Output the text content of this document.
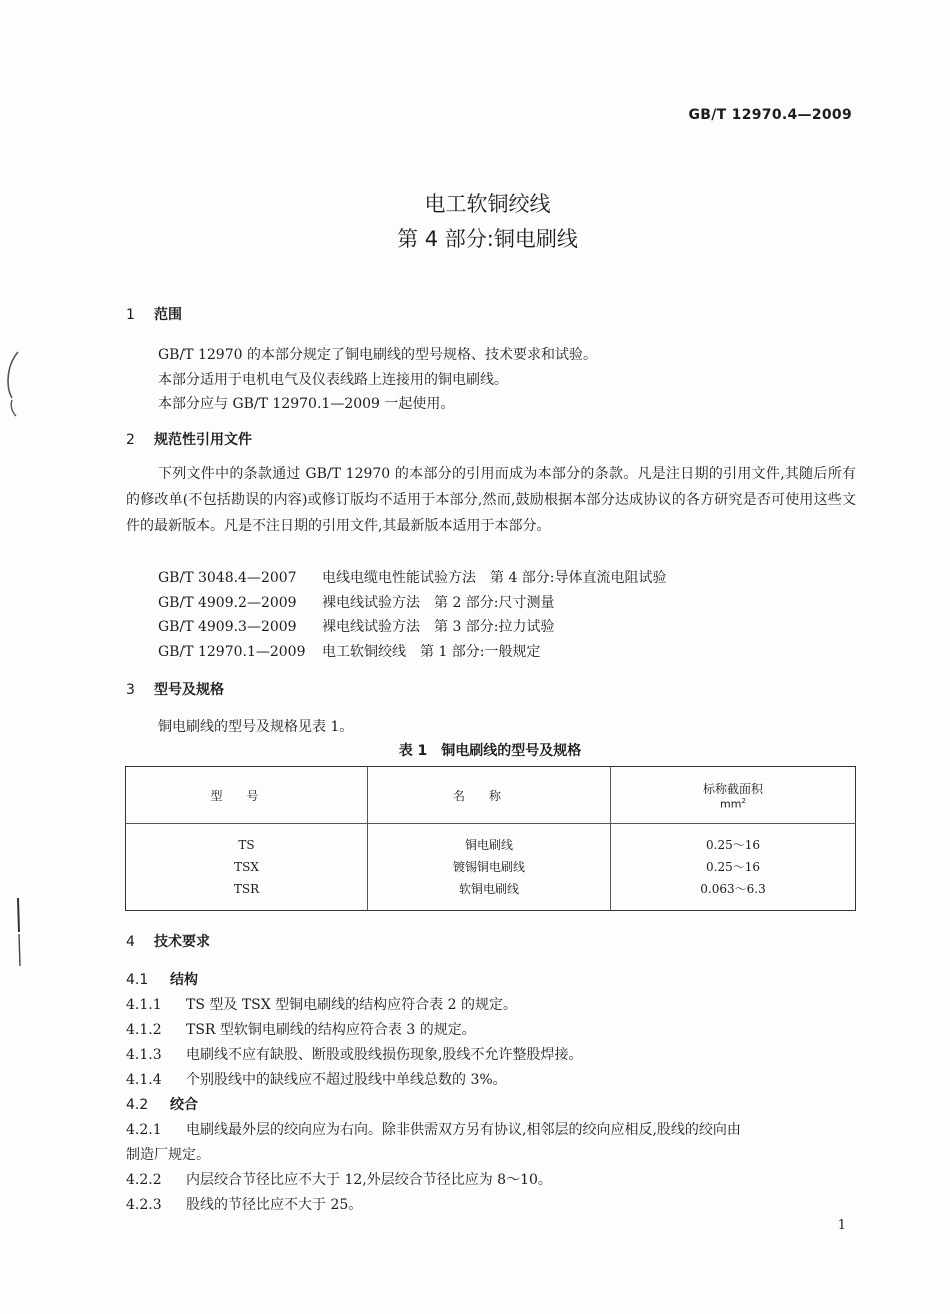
GB/T 12970.4—2009
电工软铜绞线
第 4 部分:铜电刷线
1 范围
GB/T 12970 的本部分规定了铜电刷线的型号规格、技术要求和试验。
本部分适用于电机电气及仪表线路上连接用的铜电刷线。
本部分应与 GB/T 12970.1—2009 一起使用。
2 规范性引用文件
下列文件中的条款通过 GB/T 12970 的本部分的引用而成为本部分的条款。凡是注日期的引用文件,其随后所有的修改单(不包括勘误的内容)或修订版均不适用于本部分,然而,鼓励根据本部分达成协议的各方研究是否可使用这些文件的最新版本。凡是不注日期的引用文件,其最新版本适用于本部分。
GB/T 3048.4—2007 电线电缆电性能试验方法　第 4 部分:导体直流电阻试验
GB/T 4909.2—2009 裸电线试验方法　第 2 部分:尺寸测量
GB/T 4909.3—2009 裸电线试验方法　第 3 部分:拉力试验
GB/T 12970.1—2009 电工软铜绞线　第 1 部分:一般规定
3 型号及规格
铜电刷线的型号及规格见表 1。
表 1　铜电刷线的型号及规格
型号	名称	标称截面积
$mm^2$

TS	铜电刷线	0.25～16
TSX	镀锡铜电刷线	0.25～16
TSR	软铜电刷线	0.063～6.3
4 技术要求
4.1 结构
4.1.1 TS 型及 TSX 型铜电刷线的结构应符合表 2 的规定。
4.1.2 TSR 型软铜电刷线的结构应符合表 3 的规定。
4.1.3 电刷线不应有缺股、断股或股线损伤现象,股线不允许整股焊接。
4.1.4 个别股线中的缺线应不超过股线中单线总数的 3%。
4.2 绞合
4.2.1 电刷线最外层的绞向应为右向。除非供需双方另有协议,相邻层的绞向应相反,股线的绞向由
制造厂规定。
4.2.2 内层绞合节径比应不大于 12,外层绞合节径比应为 8～10。
4.2.3 股线的节径比应不大于 25。
1
